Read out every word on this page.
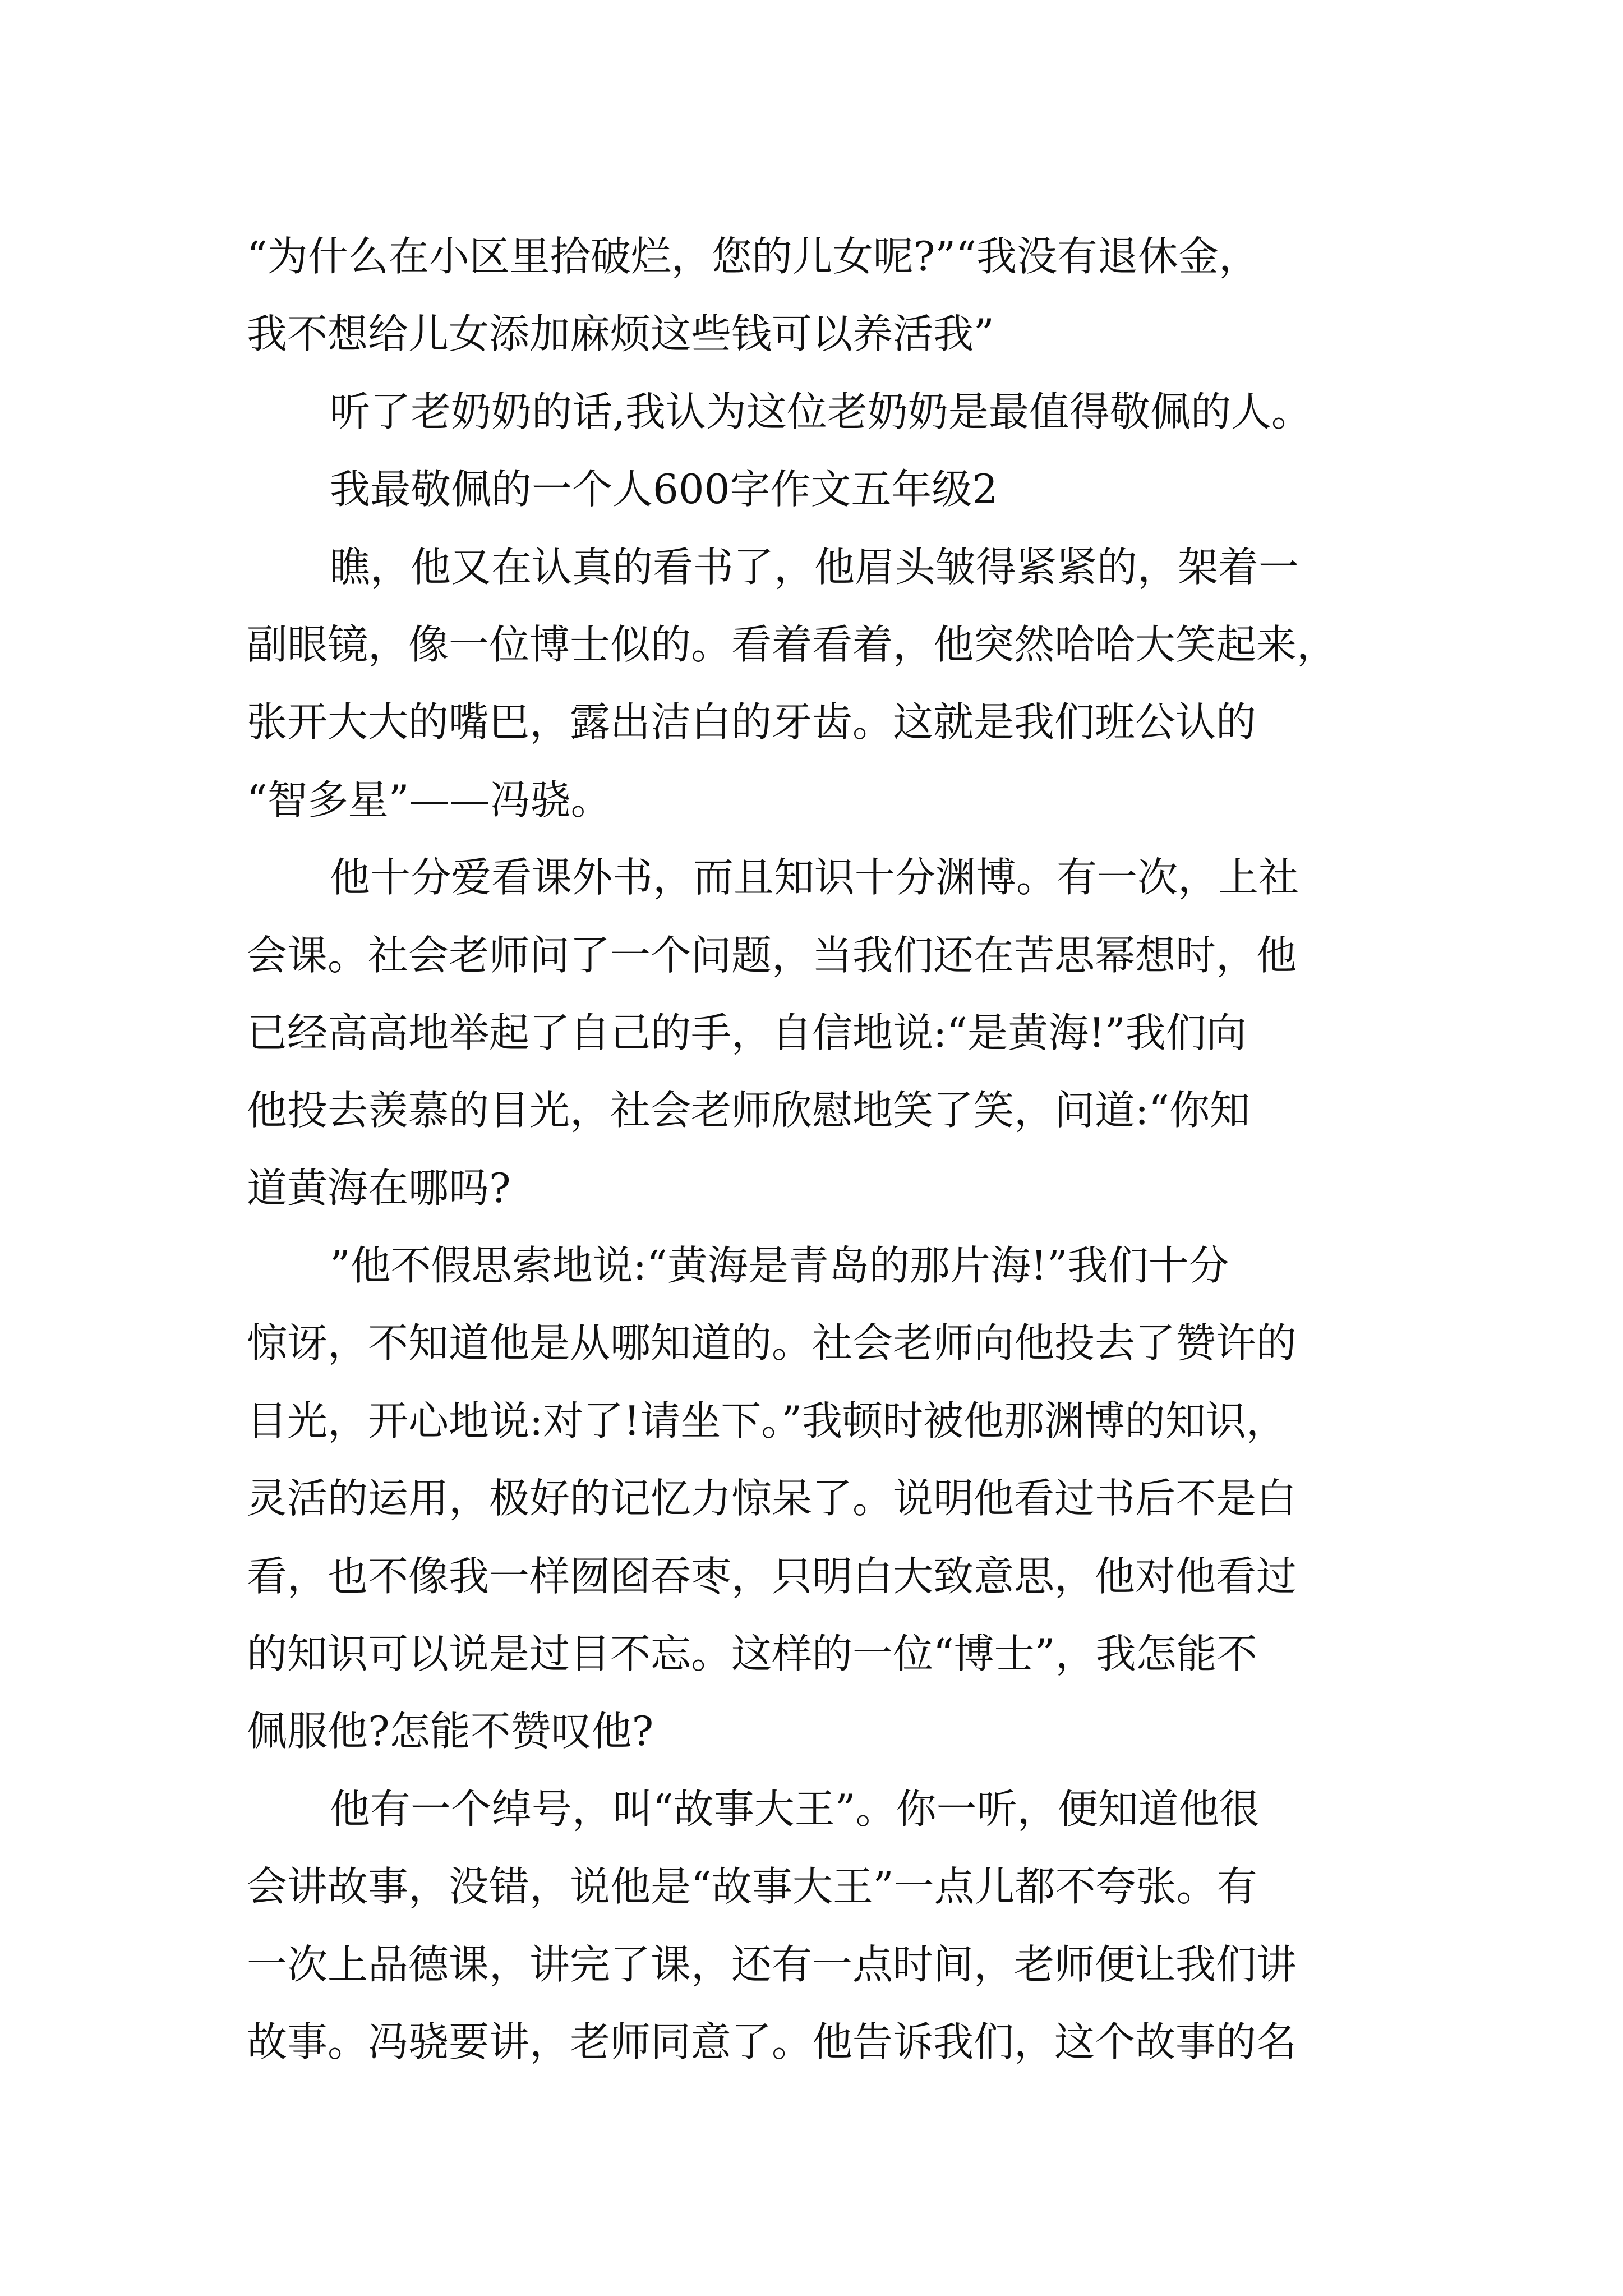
“为什么在小区里拾破烂，您的儿女呢?”“我没有退休金，
我不想给儿女添加麻烦这些钱可以养活我”
听了老奶奶的话,我认为这位老奶奶是最值得敬佩的人。
我最敬佩的一个人600字作文五年级2
瞧，他又在认真的看书了，他眉头皱得紧紧的，架着一
副眼镜，像一位博士似的。看着看着，他突然哈哈大笑起来，
张开大大的嘴巴，露出洁白的牙齿。这就是我们班公认的
“智多星”——冯骁。
他十分爱看课外书，而且知识十分渊博。有一次，上社
会课。社会老师问了一个问题，当我们还在苦思幂想时，他
已经高高地举起了自己的手，自信地说:“是黄海!”我们向
他投去羡慕的目光，社会老师欣慰地笑了笑，问道:“你知
道黄海在哪吗?
”他不假思索地说:“黄海是青岛的那片海!”我们十分
惊讶，不知道他是从哪知道的。社会老师向他投去了赞许的
目光，开心地说:对了!请坐下。”我顿时被他那渊博的知识，
灵活的运用，极好的记忆力惊呆了。说明他看过书后不是白
看，也不像我一样囫囵吞枣，只明白大致意思，他对他看过
的知识可以说是过目不忘。这样的一位“博士”，我怎能不
佩服他?怎能不赞叹他?
他有一个绰号，叫“故事大王”。你一听，便知道他很
会讲故事，没错，说他是“故事大王”一点儿都不夸张。有
一次上品德课，讲完了课，还有一点时间，老师便让我们讲
故事。冯骁要讲，老师同意了。他告诉我们，这个故事的名
